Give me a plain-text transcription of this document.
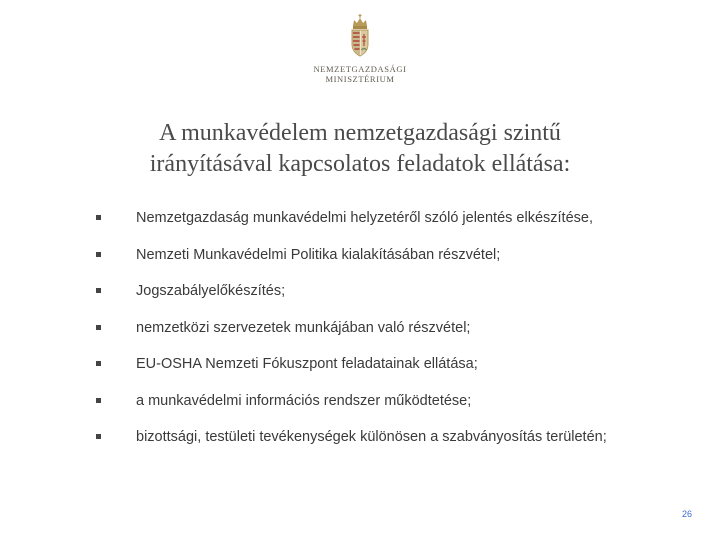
NEMZETGAZDASÁGI
MINISZTÉRIUM
A munkavédelem nemzetgazdasági szintű
irányításával kapcsolatos feladatok ellátása:
Nemzetgazdaság munkavédelmi helyzetéről szóló jelentés elkészítése,
Nemzeti Munkavédelmi Politika kialakításában részvétel;
Jogszabályelőkészítés;
nemzetközi szervezetek munkájában való részvétel;
EU-OSHA Nemzeti Fókuszpont feladatainak ellátása;
a munkavédelmi információs rendszer működtetése;
bizottsági, testületi tevékenységek különösen a szabványosítás területén;
26
